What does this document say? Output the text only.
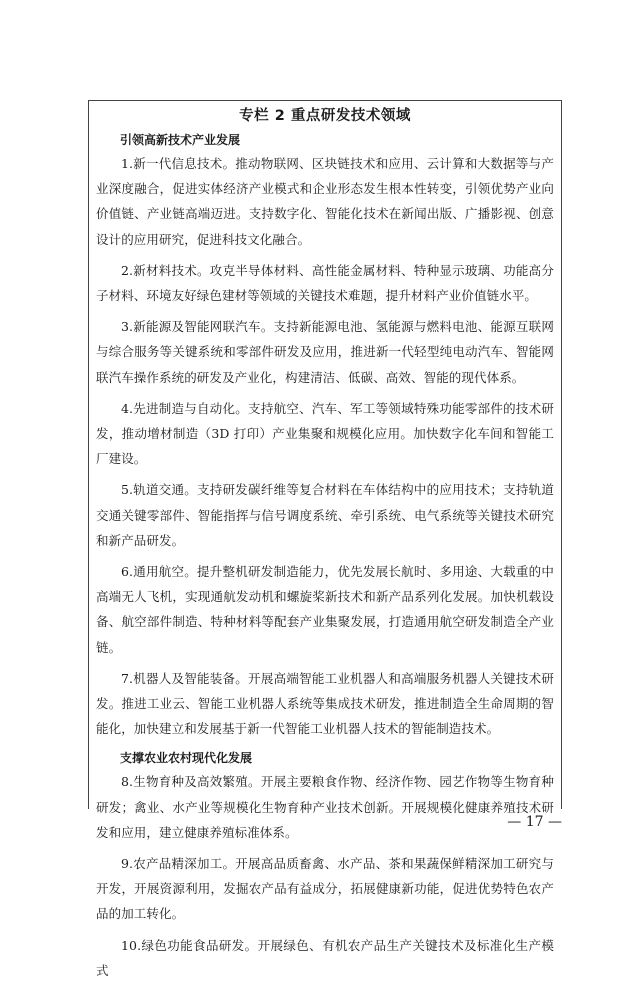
专栏 2 重点研发技术领域
引领高新技术产业发展

1.新一代信息技术。推动物联网、区块链技术和应用、云计算和大数据等与产业深度融合，促进实体经济产业模式和企业形态发生根本性转变，引领优势产业向价值链、产业链高端迈进。支持数字化、智能化技术在新闻出版、广播影视、创意设计的应用研究，促进科技文化融合。

2.新材料技术。攻克半导体材料、高性能金属材料、特种显示玻璃、功能高分子材料、环境友好绿色建材等领域的关键技术难题，提升材料产业价值链水平。

3.新能源及智能网联汽车。支持新能源电池、氢能源与燃料电池、能源互联网与综合服务等关键系统和零部件研发及应用，推进新一代轻型纯电动汽车、智能网联汽车操作系统的研发及产业化，构建清洁、低碳、高效、智能的现代体系。

4.先进制造与自动化。支持航空、汽车、军工等领域特殊功能零部件的技术研发，推动增材制造（3D 打印）产业集聚和规模化应用。加快数字化车间和智能工厂建设。

5.轨道交通。支持研发碳纤维等复合材料在车体结构中的应用技术；支持轨道交通关键零部件、智能指挥与信号调度系统、牵引系统、电气系统等关键技术研究和新产品研发。

6.通用航空。提升整机研发制造能力，优先发展长航时、多用途、大载重的中高端无人飞机，实现通航发动机和螺旋桨新技术和新产品系列化发展。加快机载设备、航空部件制造、特种材料等配套产业集聚发展，打造通用航空研发制造全产业链。

7.机器人及智能装备。开展高端智能工业机器人和高端服务机器人关键技术研发。推进工业云、智能工业机器人系统等集成技术研发，推进制造全生命周期的智能化，加快建立和发展基于新一代智能工业机器人技术的智能制造技术。

支撑农业农村现代化发展

8.生物育种及高效繁殖。开展主要粮食作物、经济作物、园艺作物等生物育种研发；禽业、水产业等规模化生物育种产业技术创新。开展规模化健康养殖技术研发和应用，建立健康养殖标准体系。

9.农产品精深加工。开展高品质畜禽、水产品、茶和果蔬保鲜精深加工研究与开发，开展资源利用，发掘农产品有益成分，拓展健康新功能，促进优势特色农产品的加工转化。

10.绿色功能食品研发。开展绿色、有机农产品生产关键技术及标准化生产模式

— 17 —
